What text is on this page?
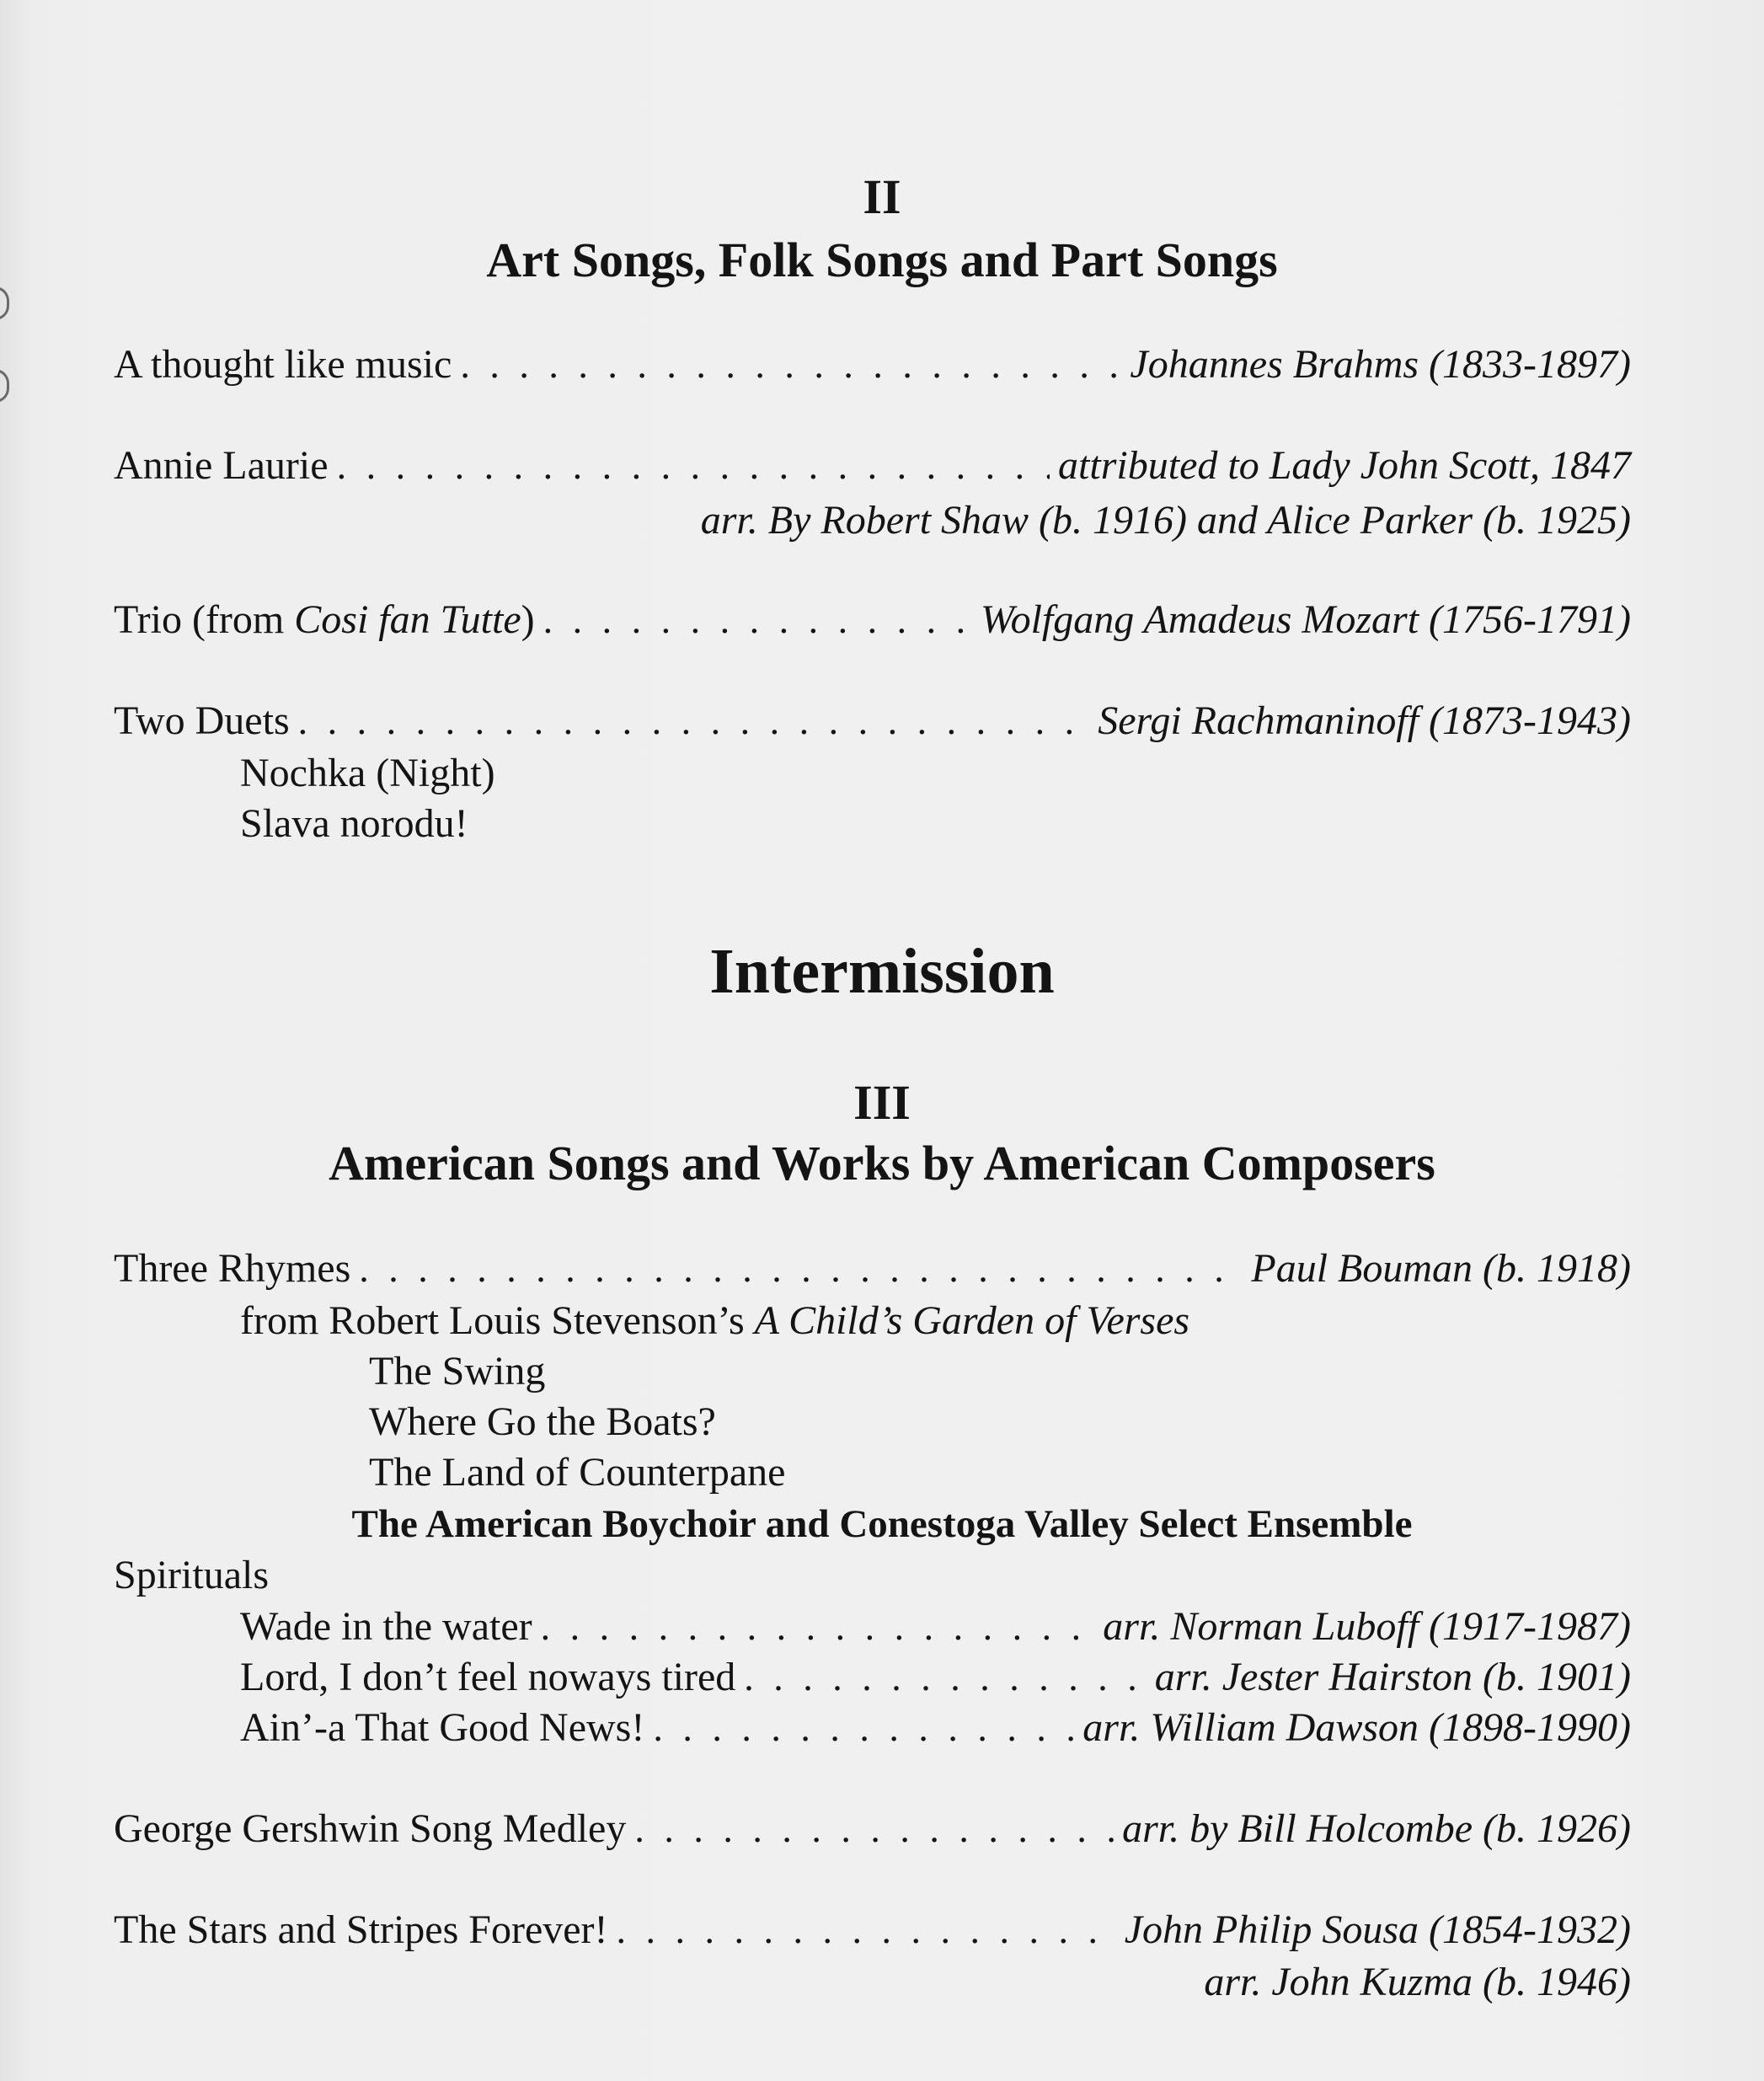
II
Art Songs, Folk Songs and Part Songs
A thought like music . . .	Johannes Brahms (1833-1897)
Annie Laurie . . .	attributed to Lady John Scott, 1847
arr. By Robert Shaw (b. 1916) and Alice Parker (b. 1925)
Trio (from Cosi fan Tutte) . . .	Wolfgang Amadeus Mozart (1756-1791)
Two Duets . . .	Sergi Rachmaninoff (1873-1943)
Nochka (Night)
Slava norodu!
Intermission
III
American Songs and Works by American Composers
Three Rhymes . . .	Paul Bouman (b. 1918)
from Robert Louis Stevenson’s A Child’s Garden of Verses
The Swing
Where Go the Boats?
The Land of Counterpane
The American Boychoir and Conestoga Valley Select Ensemble
Spirituals
Wade in the water . . .	arr. Norman Luboff (1917-1987)
Lord, I don’t feel noways tired . . .	arr. Jester Hairston (b. 1901)
Ain’-a That Good News! . . .	arr. William Dawson (1898-1990)
George Gershwin Song Medley . . .	arr. by Bill Holcombe (b. 1926)
The Stars and Stripes Forever! . . .	John Philip Sousa (1854-1932)
arr. John Kuzma (b. 1946)
